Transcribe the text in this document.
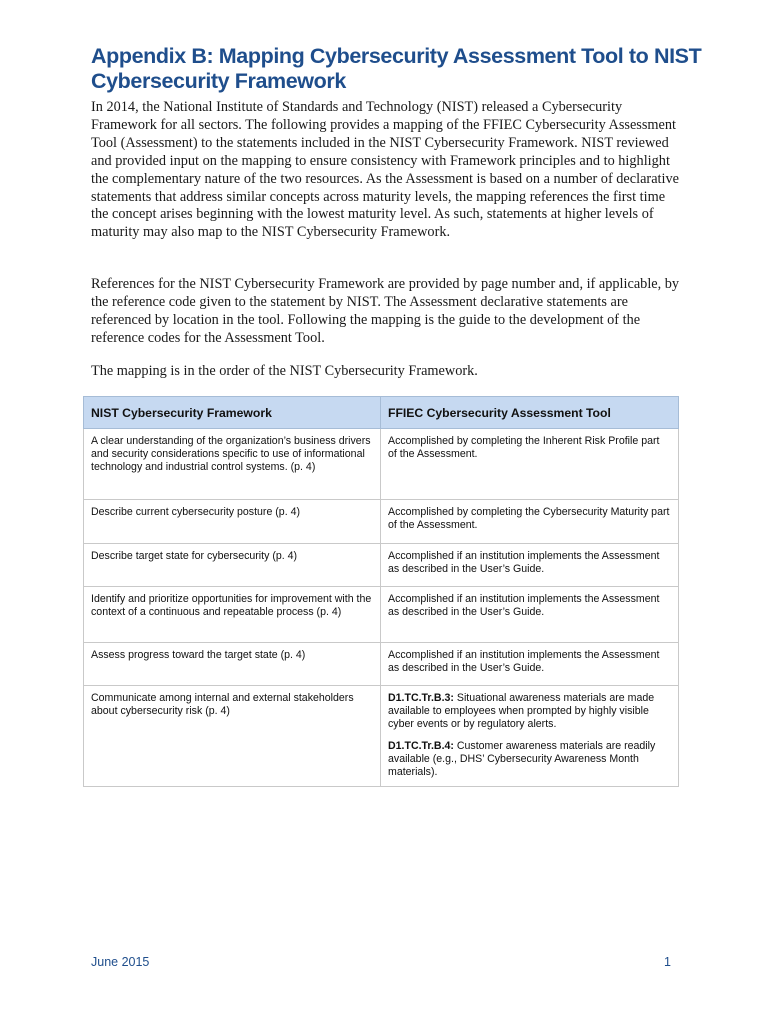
Appendix B: Mapping Cybersecurity Assessment Tool to NIST
Cybersecurity Framework

In 2014, the National Institute of Standards and Technology (NIST) released a Cybersecurity Framework for all sectors. The following provides a mapping of the FFIEC Cybersecurity Assessment Tool (Assessment) to the statements included in the NIST Cybersecurity Framework. NIST reviewed and provided input on the mapping to ensure consistency with Framework principles and to highlight the complementary nature of the two resources. As the Assessment is based on a number of declarative statements that address similar concepts across maturity levels, the mapping references the first time the concept arises beginning with the lowest maturity level. As such, statements at higher levels of maturity may also map to the NIST Cybersecurity Framework.

References for the NIST Cybersecurity Framework are provided by page number and, if applicable, by the reference code given to the statement by NIST. The Assessment declarative statements are referenced by location in the tool. Following the mapping is the guide to the development of the reference codes for the Assessment Tool.

The mapping is in the order of the NIST Cybersecurity Framework.

NIST Cybersecurity Framework	FFIEC Cybersecurity Assessment Tool
A clear understanding of the organization’s business drivers and security considerations specific to use of informational technology and industrial control systems. (p. 4)	Accomplished by completing the Inherent Risk Profile part of the Assessment.
Describe current cybersecurity posture (p. 4)	Accomplished by completing the Cybersecurity Maturity part of the Assessment.
Describe target state for cybersecurity (p. 4)	Accomplished if an institution implements the Assessment as described in the User’s Guide.
Identify and prioritize opportunities for improvement with the context of a continuous and repeatable process (p. 4)	Accomplished if an institution implements the Assessment as described in the User’s Guide.
Assess progress toward the target state (p. 4)	Accomplished if an institution implements the Assessment as described in the User’s Guide.
Communicate among internal and external stakeholders about cybersecurity risk (p. 4)	D1.TC.Tr.B.3: Situational awareness materials are made available to employees when prompted by highly visible cyber events or by regulatory alerts.

D1.TC.Tr.B.4: Customer awareness materials are readily available (e.g., DHS’ Cybersecurity Awareness Month materials).

June 2015	1
